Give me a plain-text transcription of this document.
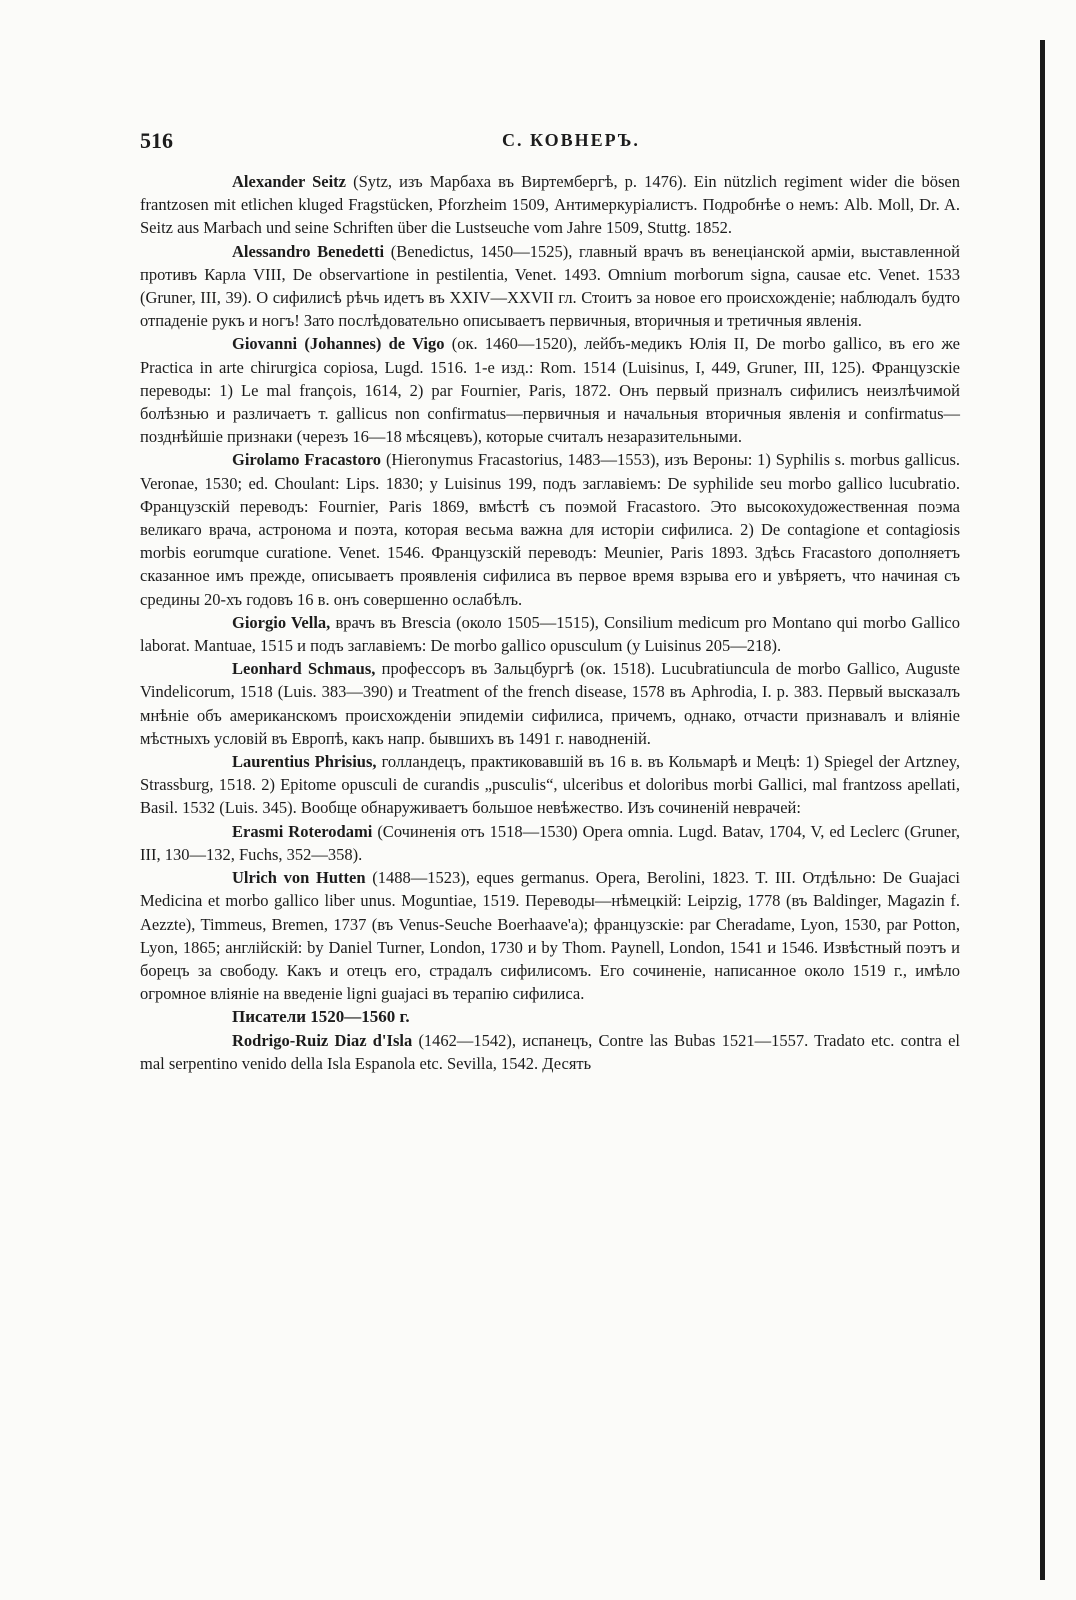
516	С. КОВНЕРЪ.

Alexander Seitz (Sytz, изъ Марбаха въ Виртембергѣ, р. 1476). Ein nützlich regiment wider die bösen frantzosen mit etlichen kluged Fragstücken, Pforzheim 1509, Антимеркуріалистъ. Подробнѣе о немъ: Alb. Moll, Dr. A. Seitz aus Marbach und seine Schriften über die Lustseuche vom Jahre 1509, Stuttg. 1852.

Alessandro Benedetti (Benedictus, 1450—1525), главный врачъ въ венеціанской арміи, выставленной противъ Карла VIII, De observartione in pestilentia, Venet. 1493. Omnium morborum signa, causae etc. Venet. 1533 (Gruner, III, 39). О сифилисѣ рѣчь идетъ въ XXIV—XXVII гл. Стоитъ за новое его происхожденіе; наблюдалъ будто отпаденіе рукъ и ногъ! Зато послѣдовательно описываетъ первичныя, вторичныя и третичныя явленія.

Giovanni (Johannes) de Vigo (ок. 1460—1520), лейбъ-медикъ Юлія II, De morbo gallico, въ его же Practica in arte chirurgica copiosa, Lugd. 1516. 1-е изд.: Rom. 1514 (Luisinus, I, 449, Gruner, III, 125). Французскіе переводы: 1) Le mal françois, 1614, 2) par Fournier, Paris, 1872. Онъ первый призналъ сифилисъ неизлѣчимой болѣзнью и различаетъ т. gallicus non confirmatus—первичныя и начальныя вторичныя явленія и confirmatus—позднѣйшіе признаки (черезъ 16—18 мѣсяцевъ), которые считалъ незаразительными.

Girolamo Fracastoro (Hieronymus Fracastorius, 1483—1553), изъ Вероны: 1) Syphilis s. morbus gallicus. Veronae, 1530; ed. Choulant: Lips. 1830; у Luisinus 199, подъ заглавіемъ: De syphilide seu morbo gallico lucubratio. Французскій переводъ: Fournier, Paris 1869, вмѣстѣ съ поэмой Fracastoro. Это высокохудожественная поэма великаго врача, астронома и поэта, которая весьма важна для исторіи сифилиса. 2) De contagione et contagiosis morbis eorumque curatione. Venet. 1546. Французскій переводъ: Meunier, Paris 1893. Здѣсь Fracastoro дополняетъ сказанное имъ прежде, описываетъ проявленія сифилиса въ первое время взрыва его и увѣряетъ, что начиная съ средины 20-хъ годовъ 16 в. онъ совершенно ослабѣлъ.

Giorgio Vella, врачъ въ Brescia (около 1505—1515), Consilium medicum pro Montano qui morbo Gallico laborat. Mantuae, 1515 и подъ заглавіемъ: De morbo gallico opusculum (y Luisinus 205—218).

Leonhard Schmaus, профессоръ въ Зальцбургѣ (ок. 1518). Lucubratiuncula de morbo Gallico, Auguste Vindelicorum, 1518 (Luis. 383—390) и Treatment of the french disease, 1578 въ Aphrodia, I. p. 383. Первый высказалъ мнѣніе объ американскомъ происхожденіи эпидеміи сифилиса, причемъ, однако, отчасти признавалъ и вліяніе мѣстныхъ условій въ Европѣ, какъ напр. бывшихъ въ 1491 г. наводненій.

Laurentius Phrisius, голландецъ, практиковавшій въ 16 в. въ Кольмарѣ и Мецѣ: 1) Spiegel der Artzney, Strassburg, 1518. 2) Epitome opusculi de curandis „pusculis“, ulceribus et doloribus morbi Gallici, mal frantzoss apellati, Basil. 1532 (Luis. 345). Вообще обнаруживаетъ большое невѣжество. Изъ сочиненій неврачей:

Erasmi Roterodami (Сочиненія отъ 1518—1530) Opera omnia. Lugd. Batav, 1704, V, ed Leclerc (Gruner, III, 130—132, Fuchs, 352—358).

Ulrich von Hutten (1488—1523), eques germanus. Opera, Berolini, 1823. T. III. Отдѣльно: De Guajaci Medicina et morbo gallico liber unus. Moguntiae, 1519. Переводы—нѣмецкій: Leipzig, 1778 (въ Baldinger, Magazin f. Aezzte), Timmeus, Bremen, 1737 (въ Venus-Seuche Boerhaave'a); французскіе: par Cheradame, Lyon, 1530, par Potton, Lyon, 1865; англійскій: by Daniel Turner, London, 1730 и by Thom. Paynell, London, 1541 и 1546. Извѣстный поэтъ и борецъ за свободу. Какъ и отецъ его, страдалъ сифилисомъ. Его сочиненіе, написанное около 1519 г., имѣло огромное вліяніе на введеніе ligni guajaci въ терапію сифилиса.

Писатели 1520—1560 г.

Rodrigo-Ruiz Diaz d'Isla (1462—1542), испанецъ, Contre las Bubas 1521—1557. Tradato etc. contra el mal serpentino venido della Isla Espanola etc. Sevilla, 1542. Десять
